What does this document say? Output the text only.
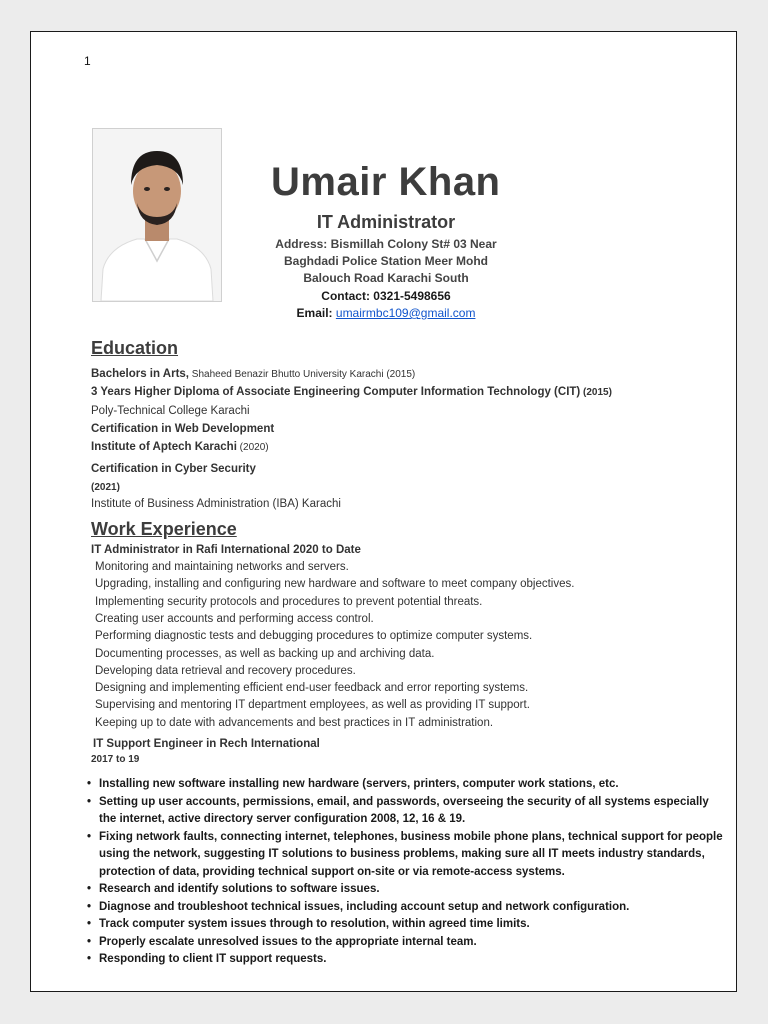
1
Umair Khan
IT Administrator
Address: Bismillah Colony St# 03 Near
Baghdadi Police Station Meer Mohd
Balouch Road Karachi South
Contact: 0321-5498656
Email: umairmbc109@gmail.com
Education
Bachelors in Arts, Shaheed Benazir Bhutto University Karachi (2015)
3 Years Higher Diploma of Associate Engineering Computer Information Technology (CIT) (2015)
Poly-Technical College Karachi
Certification in Web Development
Institute of Aptech Karachi (2020)
Certification in Cyber Security
(2021)
Institute of Business Administration (IBA) Karachi
Work Experience
IT Administrator in Rafi International 2020 to Date
Monitoring and maintaining networks and servers.
Upgrading, installing and configuring new hardware and software to meet company objectives.
Implementing security protocols and procedures to prevent potential threats.
Creating user accounts and performing access control.
Performing diagnostic tests and debugging procedures to optimize computer systems.
Documenting processes, as well as backing up and archiving data.
Developing data retrieval and recovery procedures.
Designing and implementing efficient end-user feedback and error reporting systems.
Supervising and mentoring IT department employees, as well as providing IT support.
Keeping up to date with advancements and best practices in IT administration.
IT Support Engineer in Rech International
2017 to 19
• Installing new software installing new hardware (servers, printers, computer work stations, etc.
• Setting up user accounts, permissions, email, and passwords, overseeing the security of all systems especially the internet, active directory server configuration 2008, 12, 16 & 19.
• Fixing network faults, connecting internet, telephones, business mobile phone plans, technical support for people using the network, suggesting IT solutions to business problems, making sure all IT meets industry standards, protection of data, providing technical support on-site or via remote-access systems.
• Research and identify solutions to software issues.
• Diagnose and troubleshoot technical issues, including account setup and network configuration.
• Track computer system issues through to resolution, within agreed time limits.
• Properly escalate unresolved issues to the appropriate internal team.
• Responding to client IT support requests.
